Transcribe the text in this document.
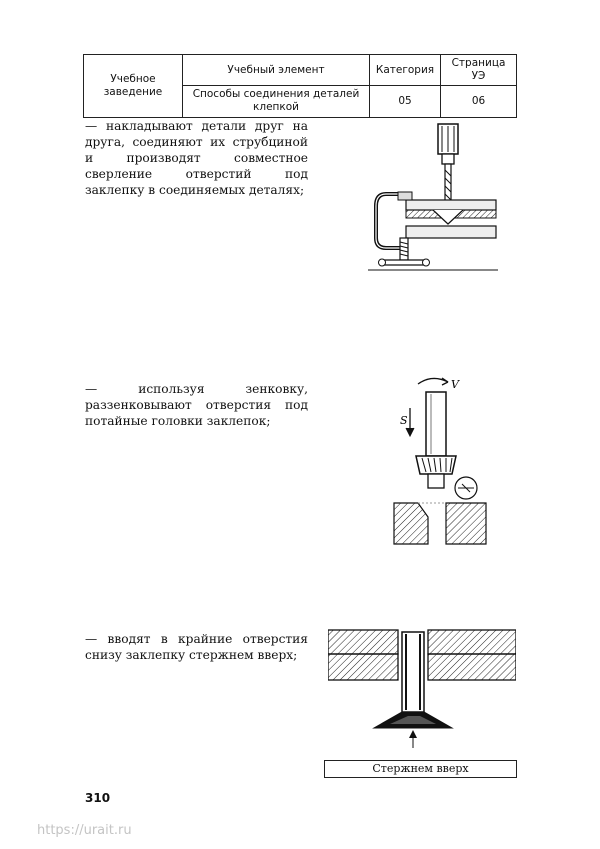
Учебное заведение	Учебный элемент	Категория	Страница УЭ
	Способы соединения деталей клепкой	05	06

— накладывают детали друг на друга, соединяют их струбциной и производят совместное сверление отверстий под заклепку в соединяемых деталях;

— используя зенковку, раззенковывают отверстия под потайные головки заклепок;

— вводят в крайние отверстия снизу заклепку стержнем вверх;

V
S
Стержнем вверх
310
https://urait.ru
